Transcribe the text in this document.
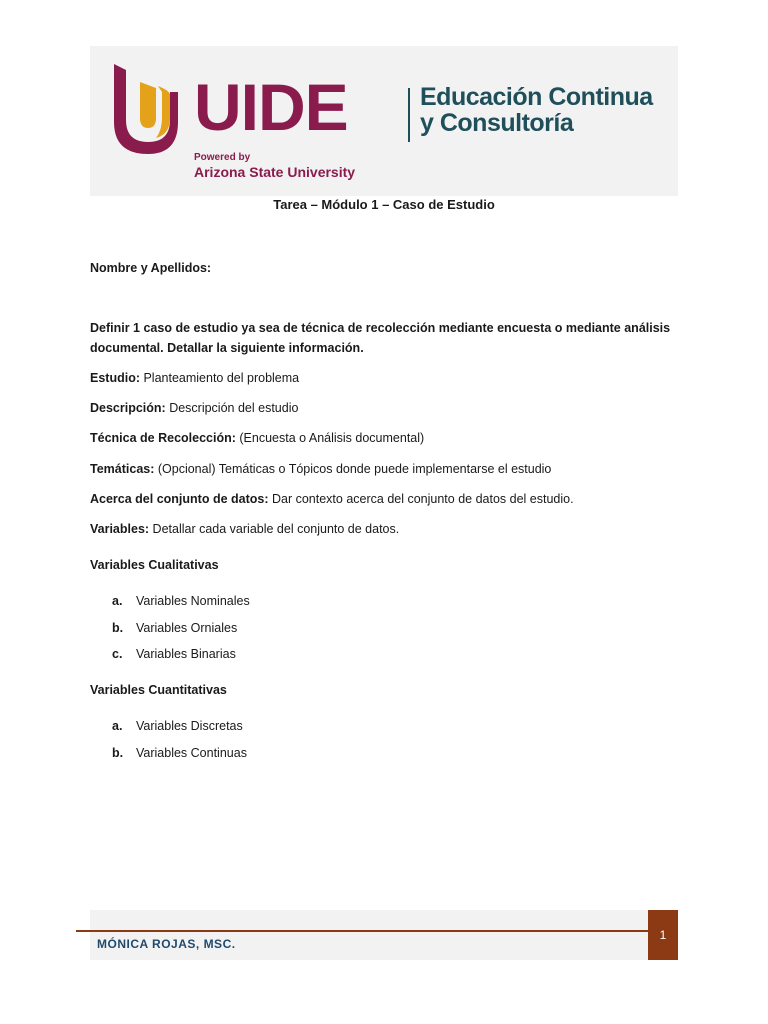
UIDE
Powered by
Arizona State University
Educación Continua
y Consultoría
Tarea – Módulo 1 – Caso de Estudio
Nombre y Apellidos:
Definir 1 caso de estudio ya sea de técnica de recolección mediante encuesta o mediante análisis documental. Detallar la siguiente información.
Estudio: Planteamiento del problema
Descripción: Descripción del estudio
Técnica de Recolección: (Encuesta o Análisis documental)
Temáticas: (Opcional) Temáticas o Tópicos donde puede implementarse el estudio
Acerca del conjunto de datos: Dar contexto acerca del conjunto de datos del estudio.
Variables: Detallar cada variable del conjunto de datos.
Variables Cualitativas
a.	Variables Nominales
b.	Variables Orniales
c.	Variables Binarias
Variables Cuantitativas
a.	Variables Discretas
b.	Variables Continuas
MÓNICA ROJAS, MSC.
1
